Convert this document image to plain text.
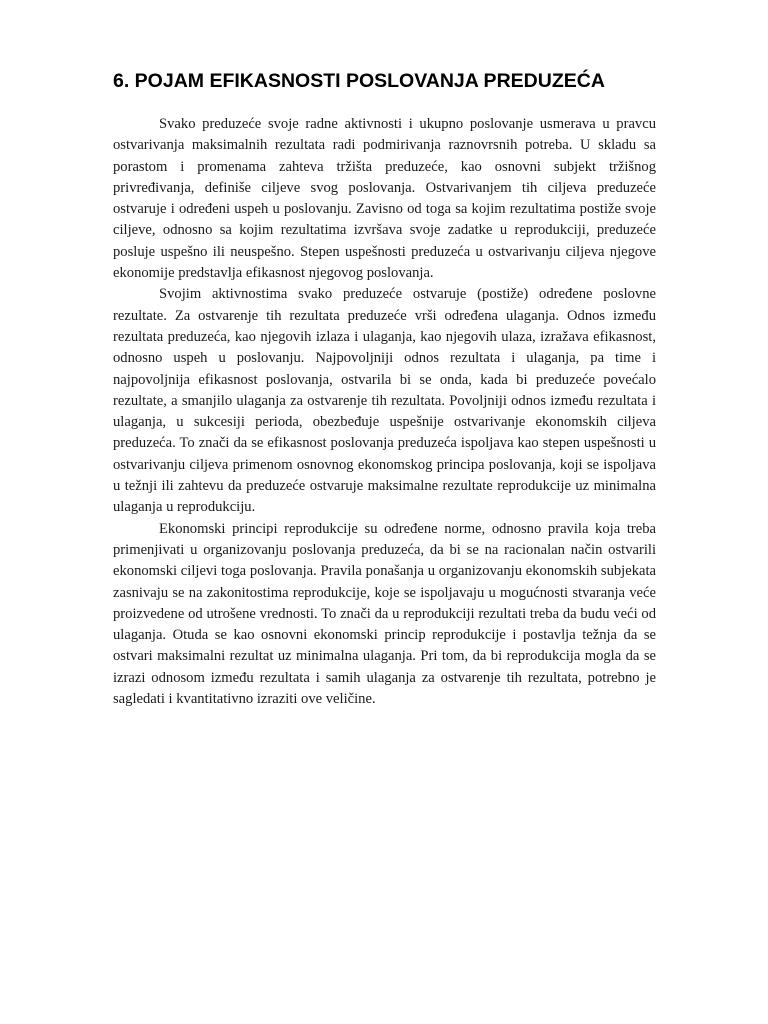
6. POJAM EFIKASNOSTI POSLOVANJA PREDUZEĆA

Svako preduzeće svoje radne aktivnosti i ukupno poslovanje usmerava u pravcu ostvarivanja maksimalnih rezultata radi podmirivanja raznovrsnih potreba. U skladu sa porastom i promenama zahteva tržišta preduzeće, kao osnovni subjekt tržišnog privređivanja, definiše ciljeve svog poslovanja. Ostvarivanjem tih ciljeva preduzeće ostvaruje i određeni uspeh u poslovanju. Zavisno od toga sa kojim rezultatima postiže svoje ciljeve, odnosno sa kojim rezultatima izvršava svoje zadatke u reprodukciji, preduzeće posluje uspešno ili neuspešno. Stepen uspešnosti preduzeća u ostvarivanju ciljeva njegove ekonomije predstavlja efikasnost njegovog poslovanja.

Svojim aktivnostima svako preduzeće ostvaruje (postiže) određene poslovne rezultate. Za ostvarenje tih rezultata preduzeće vrši određena ulaganja. Odnos između rezultata preduzeća, kao njegovih izlaza i ulaganja, kao njegovih ulaza, izražava efikasnost, odnosno uspeh u poslovanju. Najpovoljniji odnos rezultata i ulaganja, pa time i najpovoljnija efikasnost poslovanja, ostvarila bi se onda, kada bi preduzeće povećalo rezultate, a smanjilo ulaganja za ostvarenje tih rezultata. Povoljniji odnos između rezultata i ulaganja, u sukcesiji perioda, obezbeđuje uspešnije ostvarivanje ekonomskih ciljeva preduzeća. To znači da se efikasnost poslovanja preduzeća ispoljava kao stepen uspešnosti u ostvarivanju ciljeva primenom osnovnog ekonomskog principa poslovanja, koji se ispoljava u težnji ili zahtevu da preduzeće ostvaruje maksimalne rezultate reprodukcije uz minimalna ulaganja u reprodukciju.

Ekonomski principi reprodukcije su određene norme, odnosno pravila koja treba primenjivati u organizovanju poslovanja preduzeća, da bi se na racionalan način ostvarili ekonomski ciljevi toga poslovanja. Pravila ponašanja u organizovanju ekonomskih subjekata zasnivaju se na zakonitostima reprodukcije, koje se ispoljavaju u mogućnosti stvaranja veće proizvedene od utrošene vrednosti. To znači da u reprodukciji rezultati treba da budu veći od ulaganja. Otuda se kao osnovni ekonomski princip reprodukcije i postavlja težnja da se ostvari maksimalni rezultat uz minimalna ulaganja. Pri tom, da bi reprodukcija mogla da se izrazi odnosom između rezultata i samih ulaganja za ostvarenje tih rezultata, potrebno je sagledati i kvantitativno izraziti ove veličine.
